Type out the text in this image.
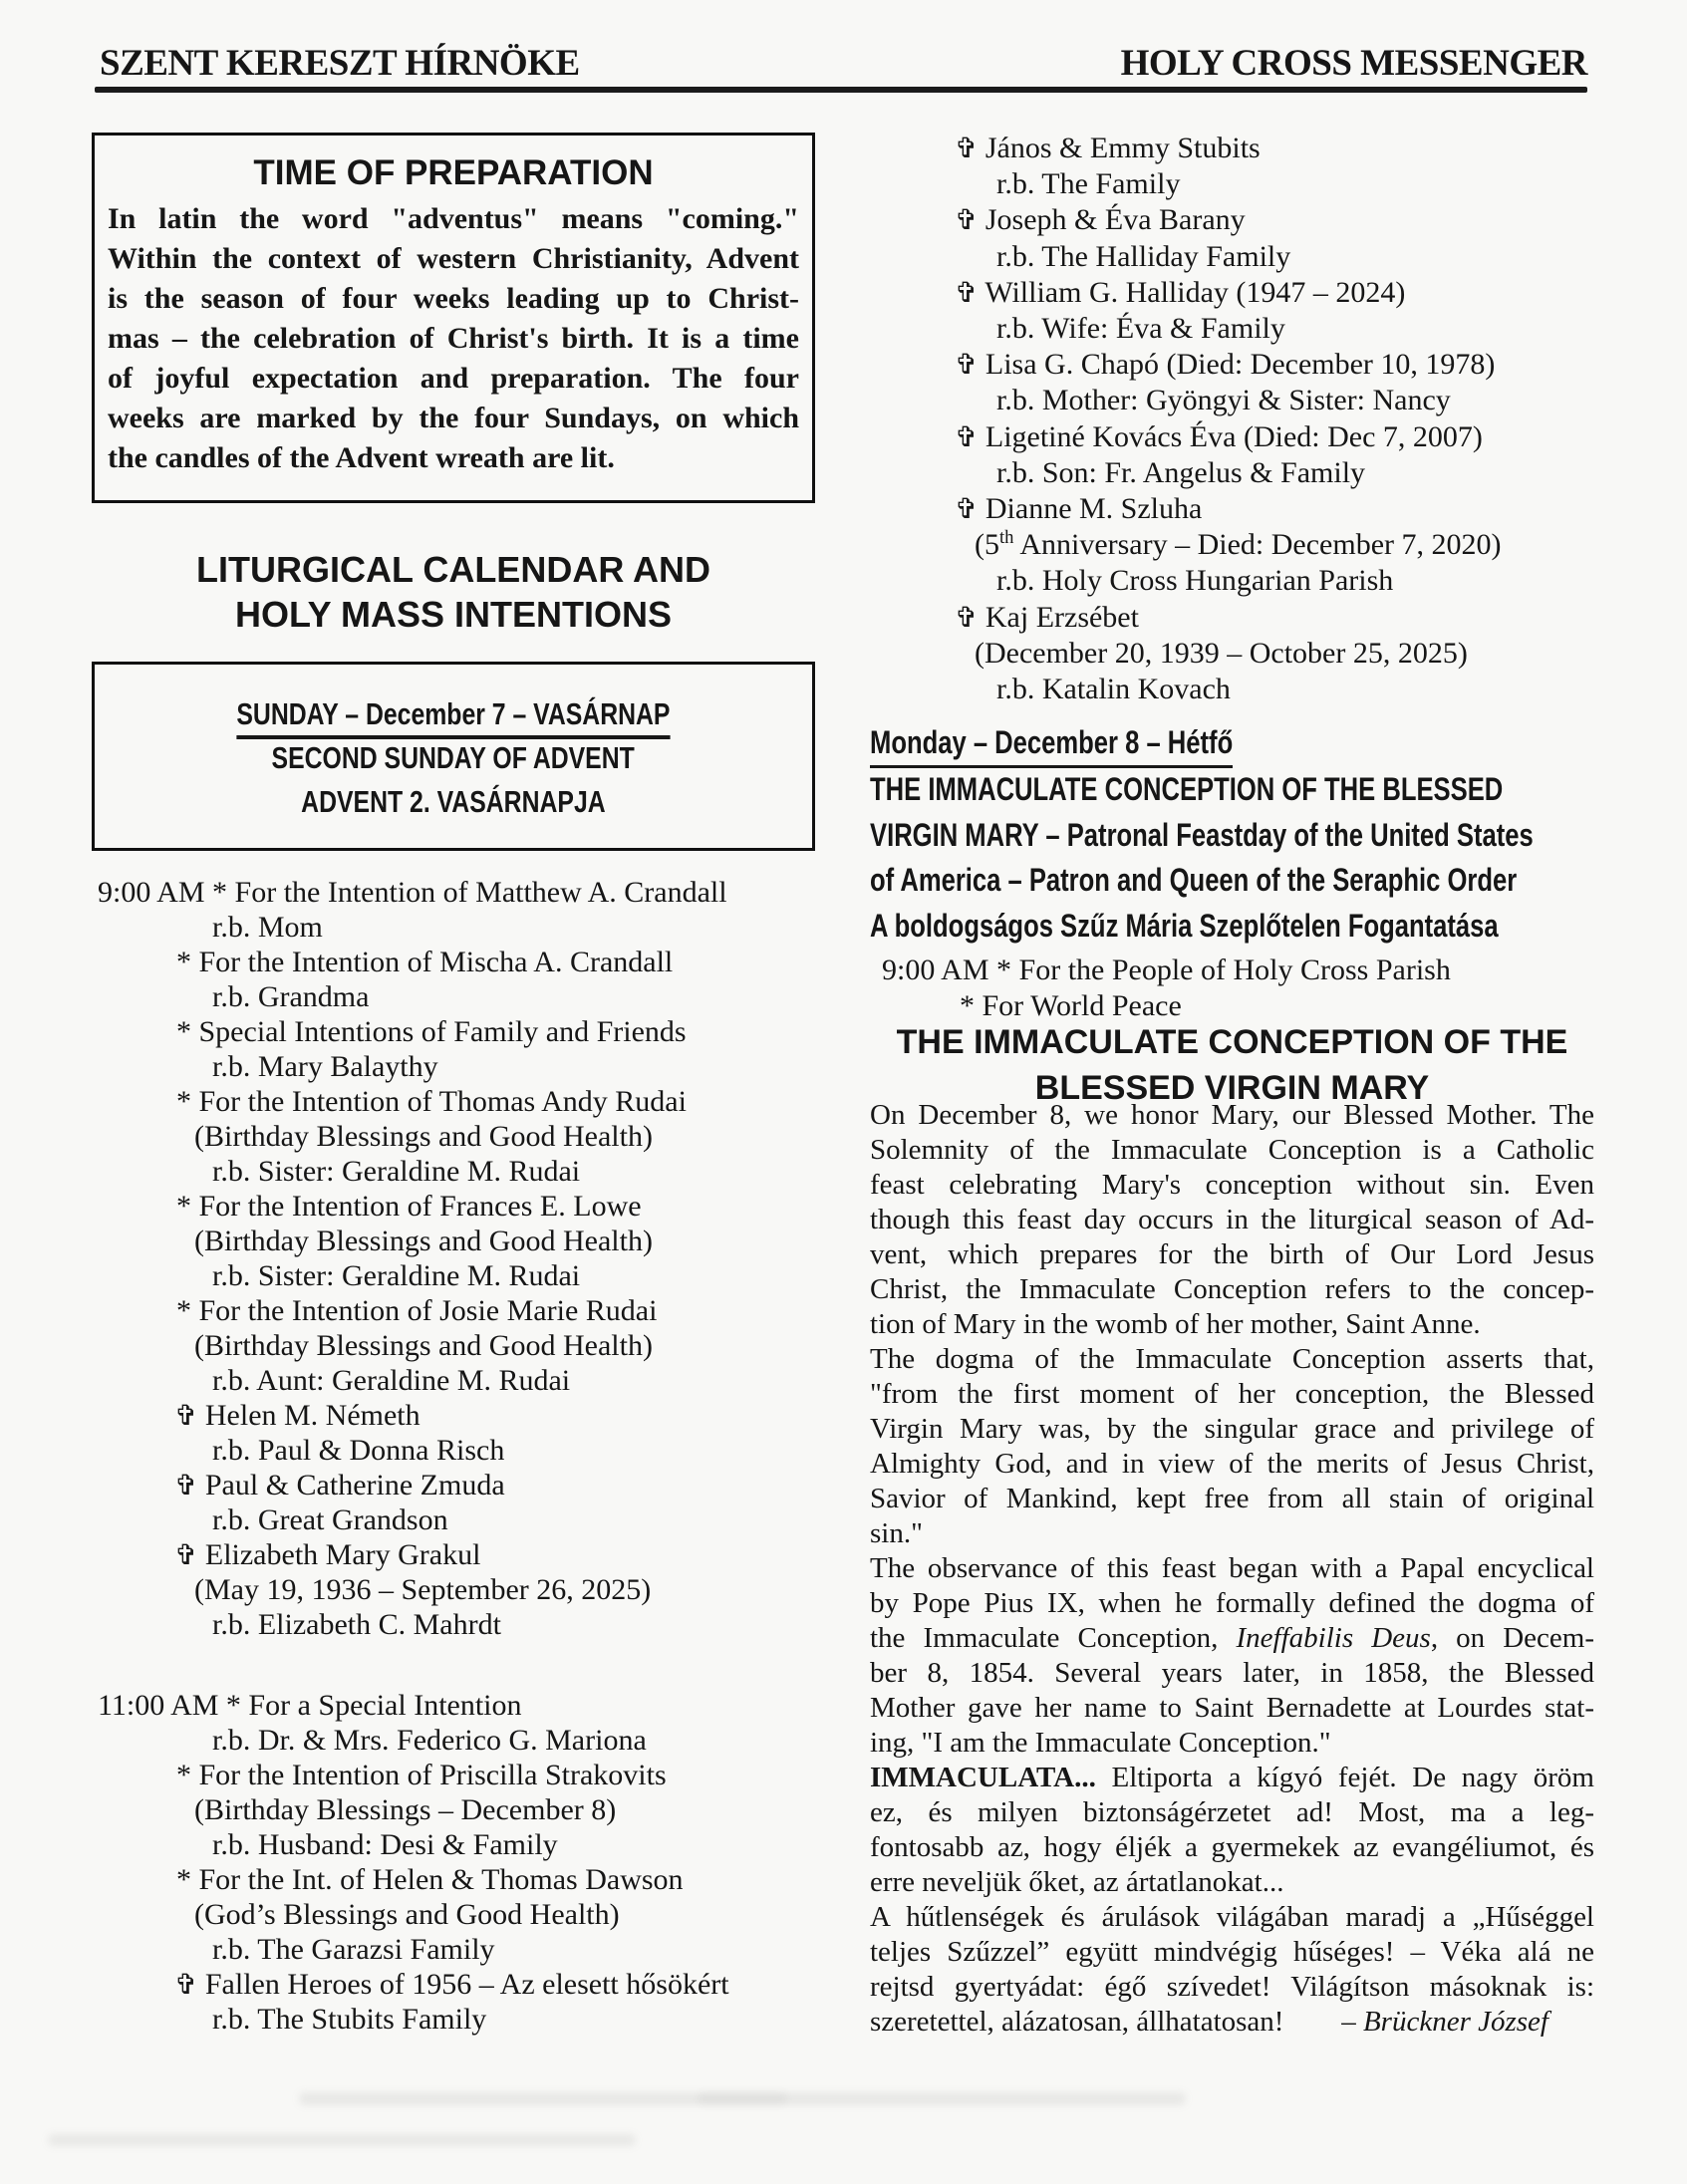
SZENT KERESZT HÍRNÖKE	HOLY CROSS MESSENGER
TIME OF PREPARATION
In latin the word "adventus" means "coming."
Within the context of western Christianity, Advent
is the season of four weeks leading up to Christ-
mas – the celebration of Christ's birth. It is a time
of joyful expectation and preparation. The four
weeks are marked by the four Sundays, on which
the candles of the Advent wreath are lit.
LITURGICAL CALENDAR AND
HOLY MASS INTENTIONS
SUNDAY – December 7 – VASÁRNAP
SECOND SUNDAY OF ADVENT
ADVENT 2. VASÁRNAPJA
9:00 AM * For the Intention of Matthew A. Crandall
r.b. Mom
* For the Intention of Mischa A. Crandall
r.b. Grandma
* Special Intentions of Family and Friends
r.b. Mary Balaythy
* For the Intention of Thomas Andy Rudai
(Birthday Blessings and Good Health)
r.b. Sister: Geraldine M. Rudai
* For the Intention of Frances E. Lowe
(Birthday Blessings and Good Health)
r.b. Sister: Geraldine M. Rudai
* For the Intention of Josie Marie Rudai
(Birthday Blessings and Good Health)
r.b. Aunt: Geraldine M. Rudai
✞ Helen M. Németh
r.b. Paul & Donna Risch
✞ Paul & Catherine Zmuda
r.b. Great Grandson
✞ Elizabeth Mary Grakul
(May 19, 1936 – September 26, 2025)
r.b. Elizabeth C. Mahrdt
11:00 AM * For a Special Intention
r.b. Dr. & Mrs. Federico G. Mariona
* For the Intention of Priscilla Strakovits
(Birthday Blessings – December 8)
r.b. Husband: Desi & Family
* For the Int. of Helen & Thomas Dawson
(God’s Blessings and Good Health)
r.b. The Garazsi Family
✞ Fallen Heroes of 1956 – Az elesett hősökért
r.b. The Stubits Family
✞ János & Emmy Stubits
r.b. The Family
✞ Joseph & Éva Barany
r.b. The Halliday Family
✞ William G. Halliday (1947 – 2024)
r.b. Wife: Éva & Family
✞ Lisa G. Chapó (Died: December 10, 1978)
r.b. Mother: Gyöngyi & Sister: Nancy
✞ Ligetiné Kovács Éva (Died: Dec 7, 2007)
r.b. Son: Fr. Angelus & Family
✞ Dianne M. Szluha
(5th Anniversary – Died: December 7, 2020)
r.b. Holy Cross Hungarian Parish
✞ Kaj Erzsébet
(December 20, 1939 – October 25, 2025)
r.b. Katalin Kovach
Monday – December 8 – Hétfő
THE IMMACULATE CONCEPTION OF THE BLESSED
VIRGIN MARY – Patronal Feastday of the United States
of America – Patron and Queen of the Seraphic Order
A boldogságos Szűz Mária Szeplőtelen Fogantatása
9:00 AM * For the People of Holy Cross Parish
* For World Peace
THE IMMACULATE CONCEPTION OF THE
BLESSED VIRGIN MARY
On December 8, we honor Mary, our Blessed Mother. The
Solemnity of the Immaculate Conception is a Catholic
feast celebrating Mary's conception without sin. Even
though this feast day occurs in the liturgical season of Ad-
vent, which prepares for the birth of Our Lord Jesus
Christ, the Immaculate Conception refers to the concep-
tion of Mary in the womb of her mother, Saint Anne.
The dogma of the Immaculate Conception asserts that,
"from the first moment of her conception, the Blessed
Virgin Mary was, by the singular grace and privilege of
Almighty God, and in view of the merits of Jesus Christ,
Savior of Mankind, kept free from all stain of original
sin."
The observance of this feast began with a Papal encyclical
by Pope Pius IX, when he formally defined the dogma of
the Immaculate Conception, Ineffabilis Deus, on Decem-
ber 8, 1854. Several years later, in 1858, the Blessed
Mother gave her name to Saint Bernadette at Lourdes stat-
ing, "I am the Immaculate Conception."
IMMACULATA... Eltiporta a kígyó fejét. De nagy öröm
ez, és milyen biztonságérzetet ad! Most, ma a leg-
fontosabb az, hogy éljék a gyermekek az evangéliumot, és
erre neveljük őket, az ártatlanokat...
A hűtlenségek és árulások világában maradj a „Hűséggel
teljes Szűzzel” együtt mindvégig hűséges! – Véka alá ne
rejtsd gyertyádat: égő szívedet! Világítson másoknak is:
szeretettel, alázatosan, állhatatosan! – Brückner József
